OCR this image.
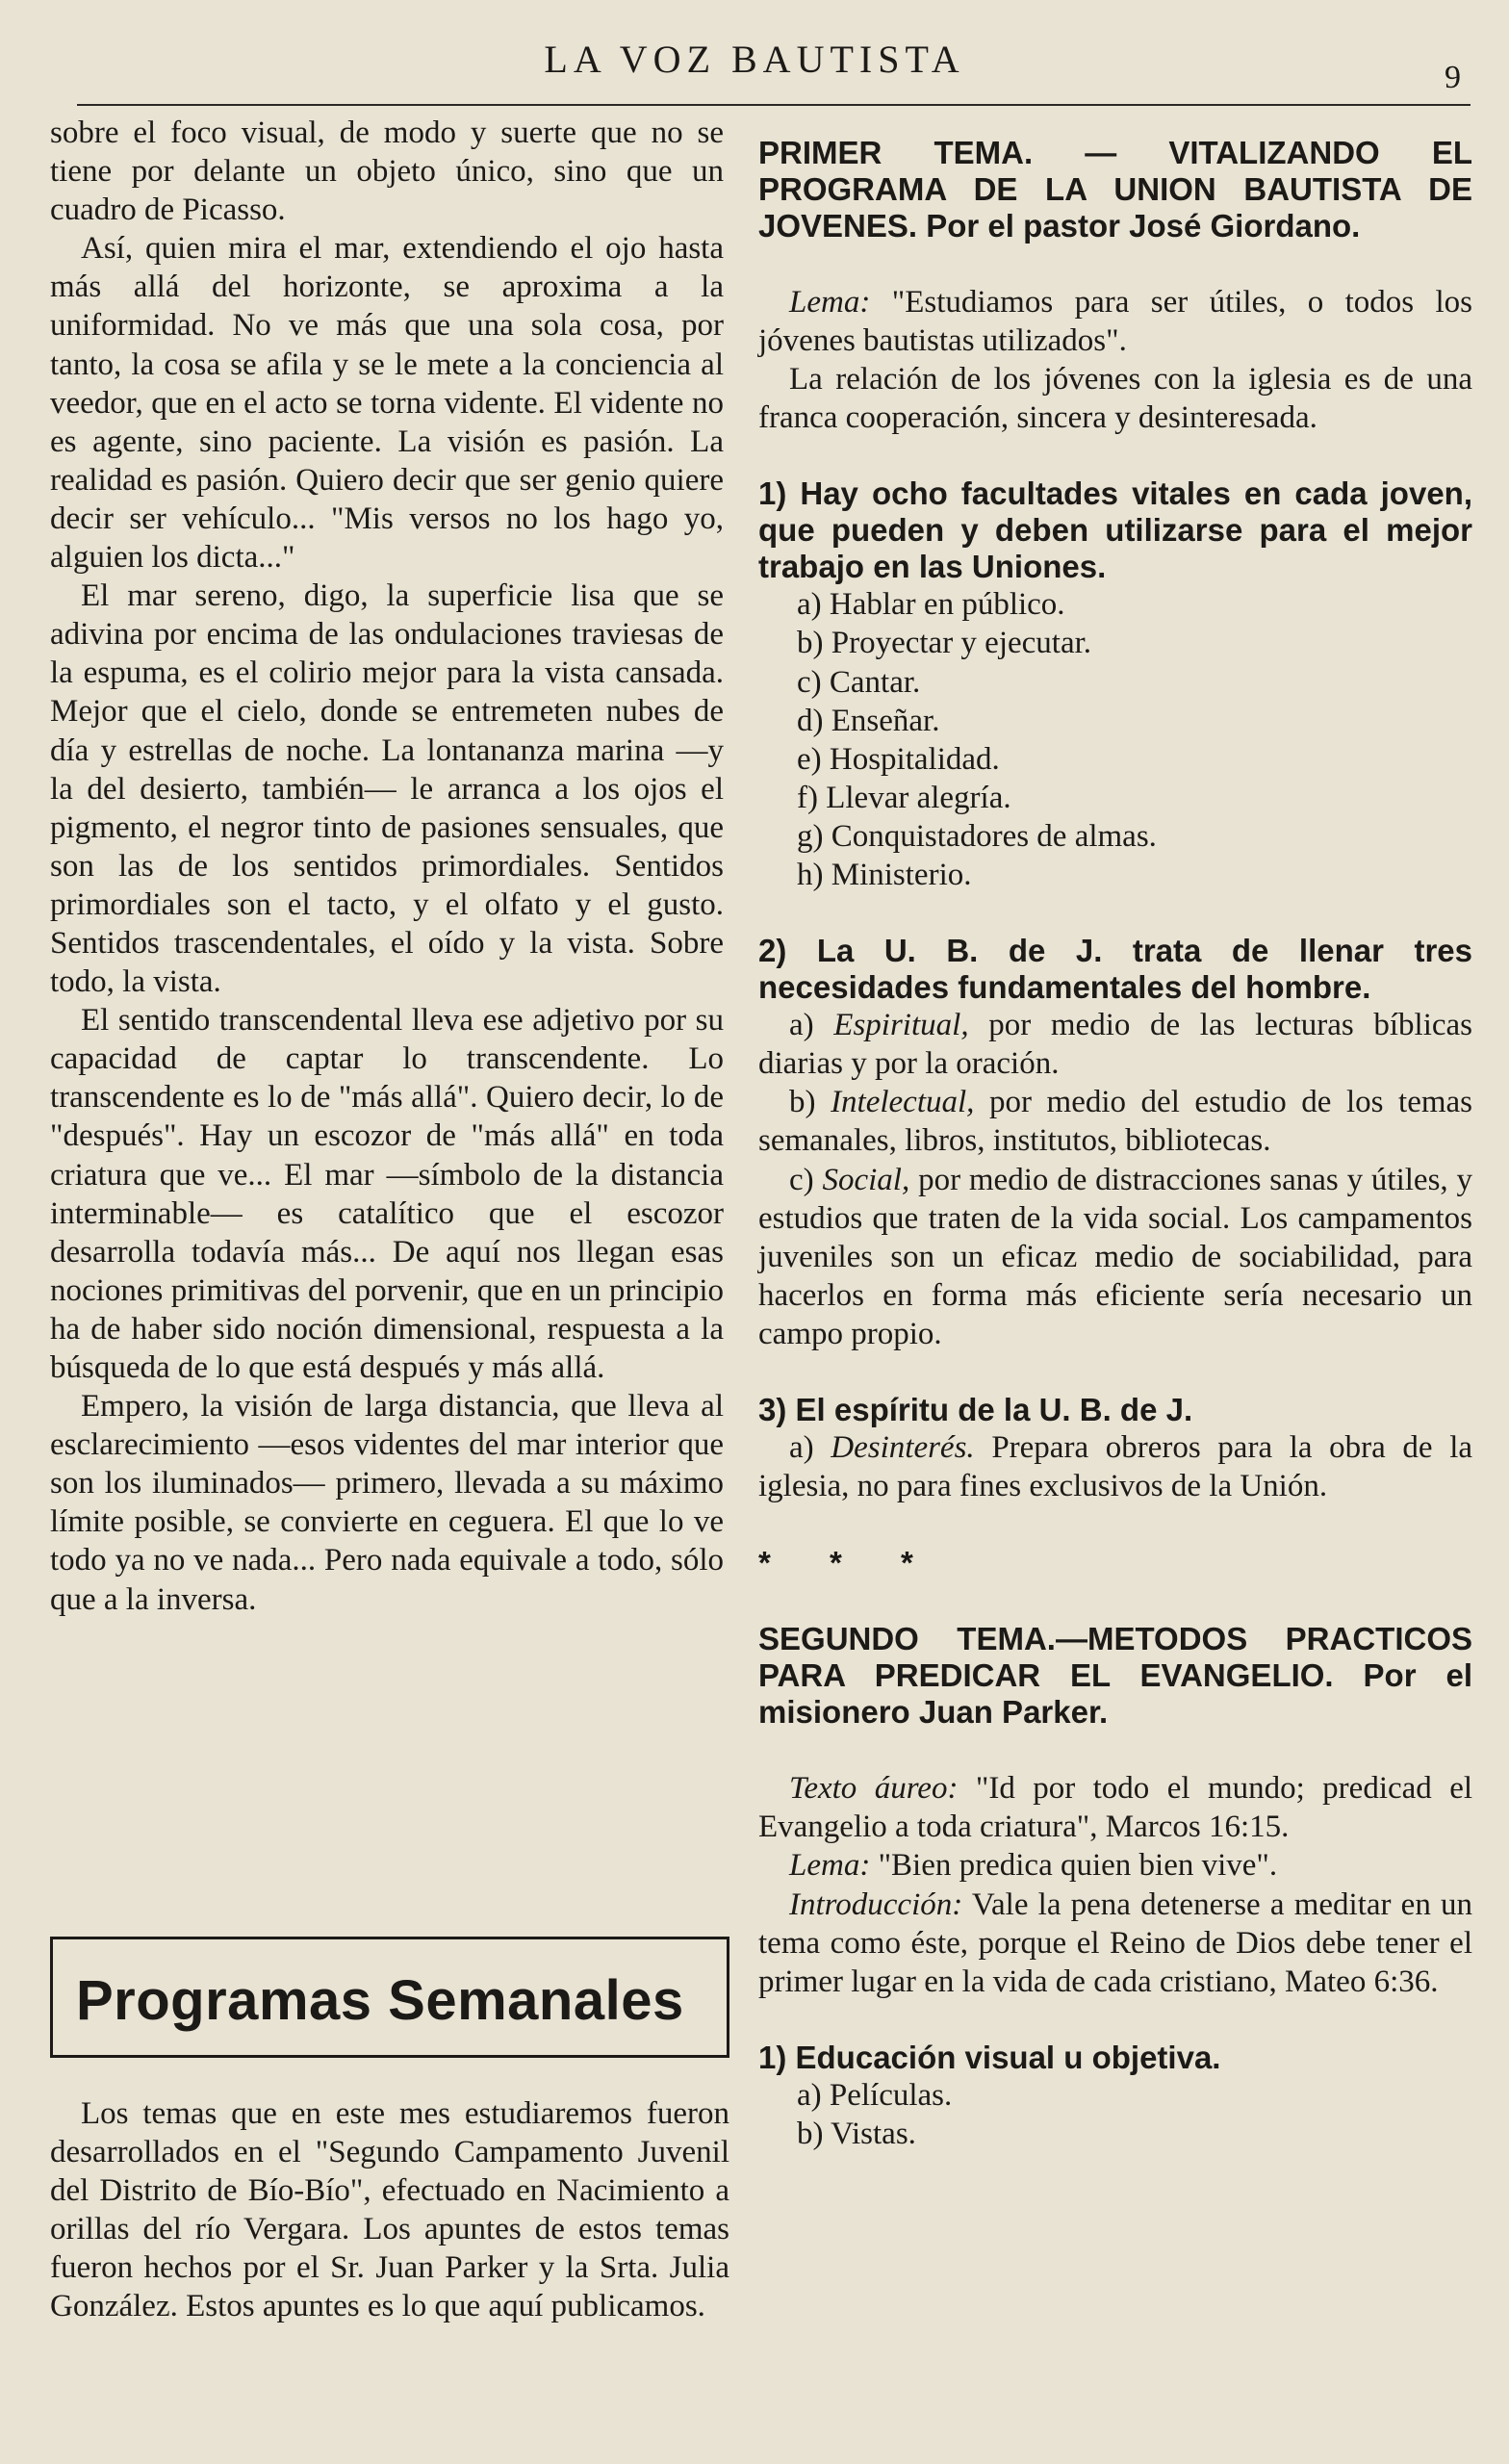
LA VOZ BAUTISTA	9

sobre el foco visual, de modo y suerte que no se tiene por delante un objeto único, sino que un cuadro de Picasso.

Así, quien mira el mar, extendiendo el ojo hasta más allá del horizonte, se aproxima a la uniformidad. No ve más que una sola cosa, por tanto, la cosa se afila y se le mete a la conciencia al veedor, que en el acto se torna vidente. El vidente no es agente, sino paciente. La visión es pasión. La realidad es pasión. Quiero decir que ser genio quiere decir ser vehículo... "Mis versos no los hago yo, alguien los dicta..."

El mar sereno, digo, la superficie lisa que se adivina por encima de las ondulaciones traviesas de la espuma, es el colirio mejor para la vista cansada. Mejor que el cielo, donde se entremeten nubes de día y estrellas de noche. La lontananza marina —y la del desierto, también— le arranca a los ojos el pigmento, el negror tinto de pasiones sensuales, que son las de los sentidos primordiales. Sentidos primordiales son el tacto, y el olfato y el gusto. Sentidos trascendentales, el oído y la vista. Sobre todo, la vista.

El sentido transcendental lleva ese adjetivo por su capacidad de captar lo transcendente. Lo transcendente es lo de "más allá". Quiero decir, lo de "después". Hay un escozor de "más allá" en toda criatura que ve... El mar —símbolo de la distancia interminable— es catalítico que el escozor desarrolla todavía más... De aquí nos llegan esas nociones primitivas del porvenir, que en un principio ha de haber sido noción dimensional, respuesta a la búsqueda de lo que está después y más allá.

Empero, la visión de larga distancia, que lleva al esclarecimiento —esos videntes del mar interior que son los iluminados— primero, llevada a su máximo límite posible, se convierte en ceguera. El que lo ve todo ya no ve nada... Pero nada equivale a todo, sólo que a la inversa.

Programas Semanales

Los temas que en este mes estudiaremos fueron desarrollados en el "Segundo Campamento Juvenil del Distrito de Bío-Bío", efectuado en Nacimiento a orillas del río Vergara. Los apuntes de estos temas fueron hechos por el Sr. Juan Parker y la Srta. Julia González. Estos apuntes es lo que aquí publicamos.

PRIMER TEMA. — VITALIZANDO EL PROGRAMA DE LA UNION BAUTISTA DE JOVENES. Por el pastor José Giordano.

Lema: "Estudiamos para ser útiles, o todos los jóvenes bautistas utilizados".

La relación de los jóvenes con la iglesia es de una franca cooperación, sincera y desinteresada.

1) Hay ocho facultades vitales en cada joven, que pueden y deben utilizarse para el mejor trabajo en las Uniones.

a) Hablar en público.

b) Proyectar y ejecutar.

c) Cantar.

d) Enseñar.

e) Hospitalidad.

f) Llevar alegría.

g) Conquistadores de almas.

h) Ministerio.

2) La U. B. de J. trata de llenar tres necesidades fundamentales del hombre.

a) Espiritual, por medio de las lecturas bíblicas diarias y por la oración.

b) Intelectual, por medio del estudio de los temas semanales, libros, institutos, bibliotecas.

c) Social, por medio de distracciones sanas y útiles, y estudios que traten de la vida social. Los campamentos juveniles son un eficaz medio de sociabilidad, para hacerlos en forma más eficiente sería necesario un campo propio.

3) El espíritu de la U. B. de J.

a) Desinterés. Prepara obreros para la obra de la iglesia, no para fines exclusivos de la Unión.

* * *

SEGUNDO TEMA.—METODOS PRACTICOS PARA PREDICAR EL EVANGELIO. Por el misionero Juan Parker.

Texto áureo: "Id por todo el mundo; predicad el Evangelio a toda criatura", Marcos 16:15.

Lema: "Bien predica quien bien vive".

Introducción: Vale la pena detenerse a meditar en un tema como éste, porque el Reino de Dios debe tener el primer lugar en la vida de cada cristiano, Mateo 6:36.

1) Educación visual u objetiva.

a) Películas.

b) Vistas.
